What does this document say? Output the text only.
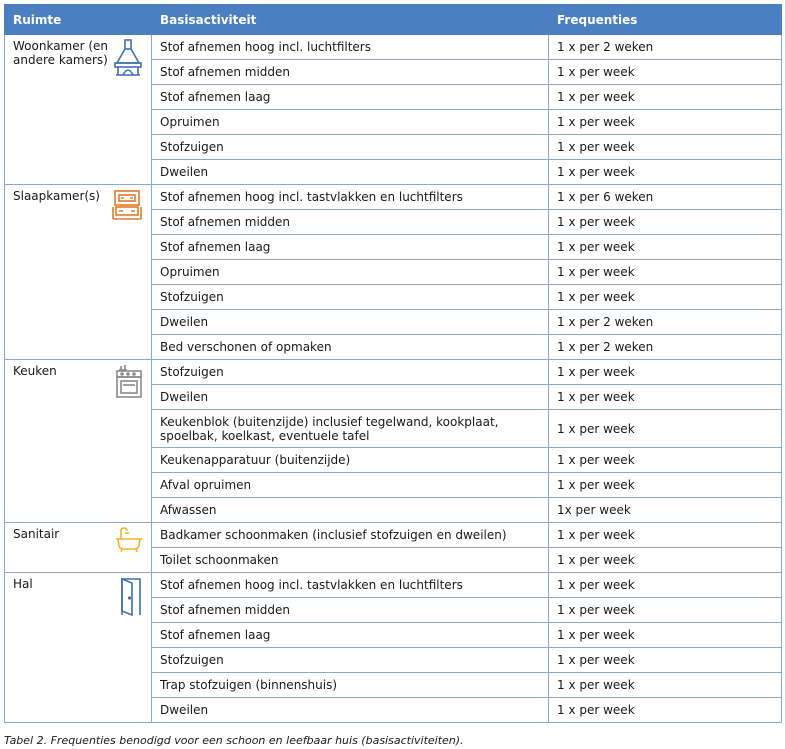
Ruimte	Basisactiviteit	Frequenties

Woonkamer (en andere kamers)	Stof afnemen hoog incl. luchtfilters	1 x per 2 weken
	Stof afnemen midden	1 x per week
	Stof afnemen laag	1 x per week
	Opruimen	1 x per week
	Stofzuigen	1 x per week
	Dweilen	1 x per week

Slaapkamer(s)	Stof afnemen hoog incl. tastvlakken en luchtfilters	1 x per 6 weken
	Stof afnemen midden	1 x per week
	Stof afnemen laag	1 x per week
	Opruimen	1 x per week
	Stofzuigen	1 x per week
	Dweilen	1 x per 2 weken
	Bed verschonen of opmaken	1 x per 2 weken

Keuken	Stofzuigen	1 x per week
	Dweilen	1 x per week
	Keukenblok (buitenzijde) inclusief tegelwand, kookplaat, spoelbak, koelkast, eventuele tafel	1 x per week
	Keukenapparatuur (buitenzijde)	1 x per week
	Afval opruimen	1 x per week
	Afwassen	1x per week

Sanitair	Badkamer schoonmaken (inclusief stofzuigen en dweilen)	1 x per week
	Toilet schoonmaken	1 x per week

Hal	Stof afnemen hoog incl. tastvlakken en luchtfilters	1 x per week
	Stof afnemen midden	1 x per week
	Stof afnemen laag	1 x per week
	Stofzuigen	1 x per week
	Trap stofzuigen (binnenshuis)	1 x per week
	Dweilen	1 x per week
Tabel 2. Frequenties benodigd voor een schoon en leefbaar huis (basisactiviteiten).
